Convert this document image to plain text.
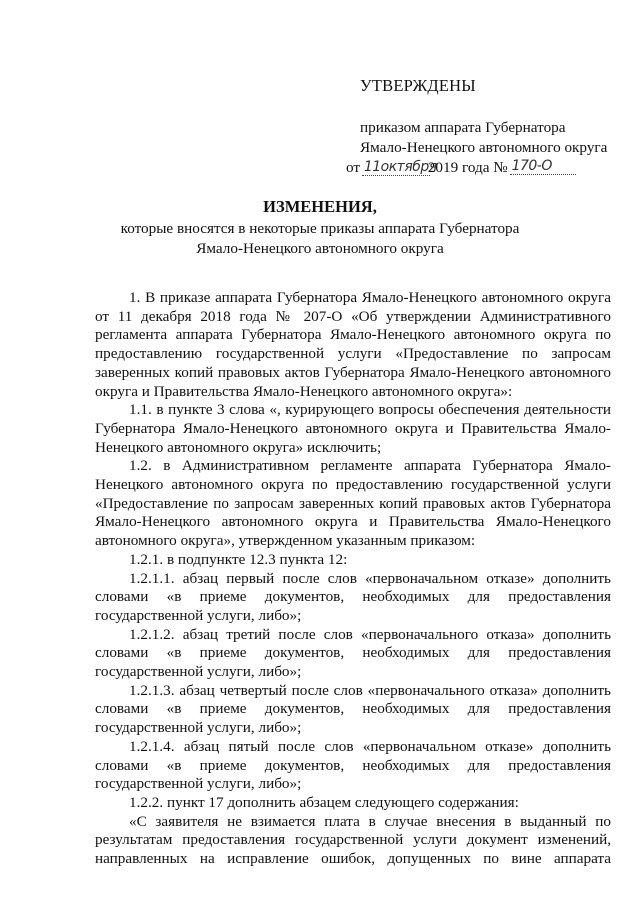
УТВЕРЖДЕНЫ
приказом аппарата Губернатора
Ямало-Ненецкого автономного округа
от 11октября2019 года № 170-О
ИЗМЕНЕНИЯ,
которые вносятся в некоторые приказы аппарата Губернатора
Ямало-Ненецкого автономного округа

1. В приказе аппарата Губернатора Ямало-Ненецкого автономного округа от 11 декабря 2018 года № 207-О «Об утверждении Административного регламента аппарата Губернатора Ямало-Ненецкого автономного округа по предоставлению государственной услуги «Предоставление по запросам заверенных копий правовых актов Губернатора Ямало-Ненецкого автономного округа и Правительства Ямало-Ненецкого автономного округа»:

1.1. в пункте 3 слова «, курирующего вопросы обеспечения деятельности Губернатора Ямало-Ненецкого автономного округа и Правительства Ямало-Ненецкого автономного округа» исключить;

1.2. в Административном регламенте аппарата Губернатора Ямало-Ненецкого автономного округа по предоставлению государственной услуги «Предоставление по запросам заверенных копий правовых актов Губернатора Ямало-Ненецкого автономного округа и Правительства Ямало-Ненецкого автономного округа», утвержденном указанным приказом:

1.2.1. в подпункте 12.3 пункта 12:

1.2.1.1. абзац первый после слов «первоначальном отказе» дополнить словами «в приеме документов, необходимых для предоставления государственной услуги, либо»;

1.2.1.2. абзац третий после слов «первоначального отказа» дополнить словами «в приеме документов, необходимых для предоставления государственной услуги, либо»;

1.2.1.3. абзац четвертый после слов «первоначального отказа» дополнить словами «в приеме документов, необходимых для предоставления государственной услуги, либо»;

1.2.1.4. абзац пятый после слов «первоначальном отказе» дополнить словами «в приеме документов, необходимых для предоставления государственной услуги, либо»;

1.2.2. пункт 17 дополнить абзацем следующего содержания:

«С заявителя не взимается плата в случае внесения в выданный по результатам предоставления государственной услуги документ изменений, направленных на исправление ошибок, допущенных по вине аппарата
